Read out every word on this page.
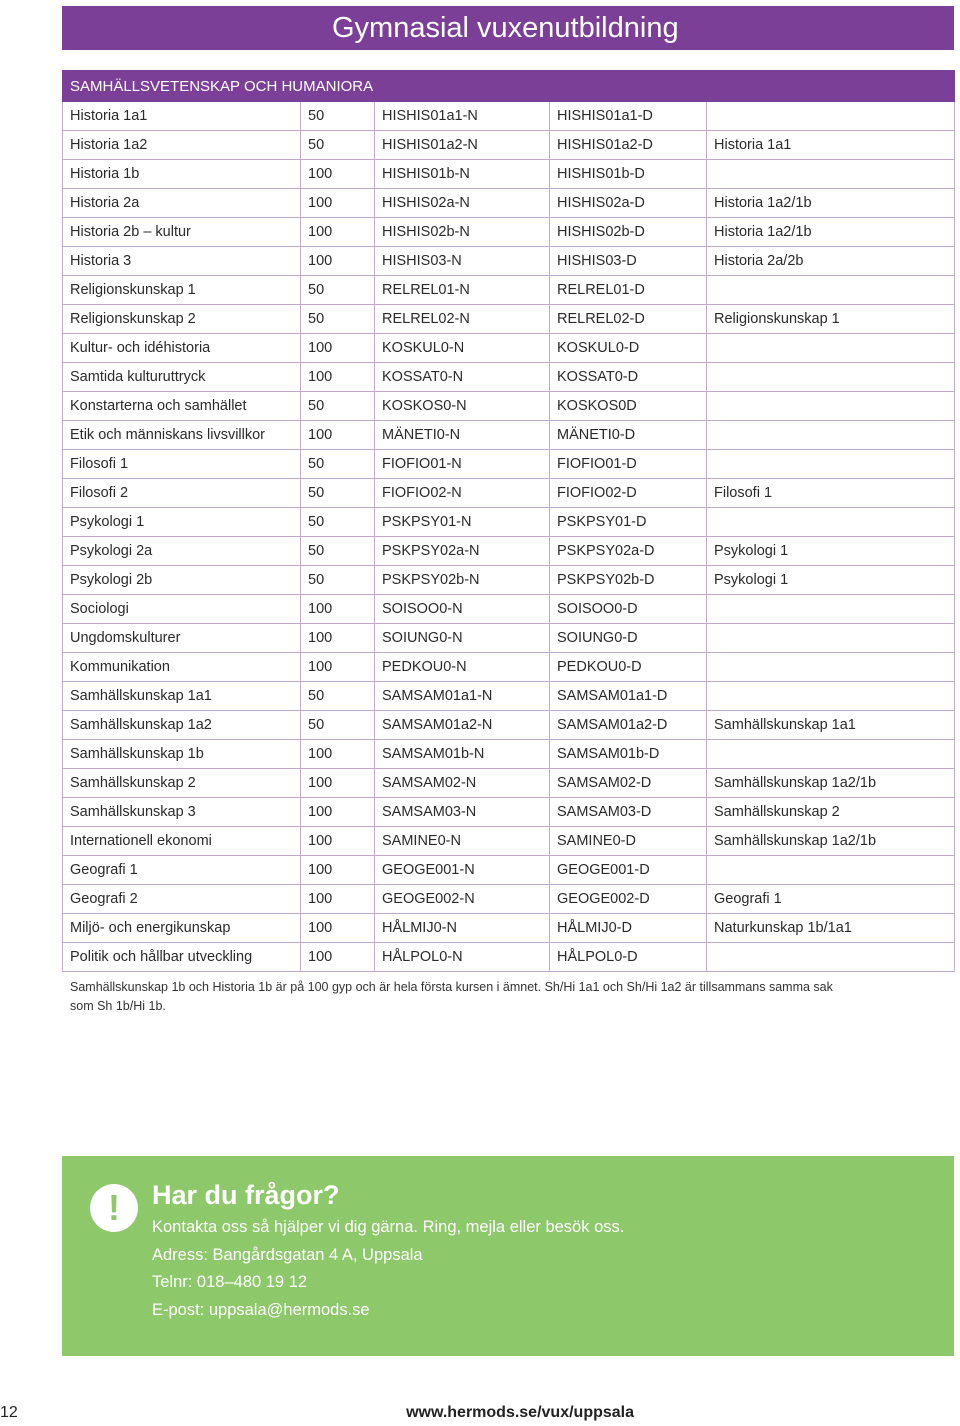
Gymnasial vuxenutbildning
SAMHÄLLSVETENSKAP OCH HUMANIORA				
Historia 1a1	50	HISHIS01a1-N	HISHIS01a1-D	
Historia 1a2	50	HISHIS01a2-N	HISHIS01a2-D	Historia 1a1
Historia 1b	100	HISHIS01b-N	HISHIS01b-D	
Historia 2a	100	HISHIS02a-N	HISHIS02a-D	Historia 1a2/1b
Historia 2b – kultur	100	HISHIS02b-N	HISHIS02b-D	Historia 1a2/1b
Historia 3	100	HISHIS03-N	HISHIS03-D	Historia 2a/2b
Religionskunskap 1	50	RELREL01-N	RELREL01-D	
Religionskunskap 2	50	RELREL02-N	RELREL02-D	Religionskunskap 1
Kultur- och idéhistoria	100	KOSKUL0-N	KOSKUL0-D	
Samtida kulturuttryck	100	KOSSAT0-N	KOSSAT0-D	
Konstarterna och samhället	50	KOSKOS0-N	KOSKOS0D	
Etik och människans livsvillkor	100	MÄNETI0-N	MÄNETI0-D	
Filosofi 1	50	FIOFIO01-N	FIOFIO01-D	
Filosofi 2	50	FIOFIO02-N	FIOFIO02-D	Filosofi 1
Psykologi 1	50	PSKPSY01-N	PSKPSY01-D	
Psykologi 2a	50	PSKPSY02a-N	PSKPSY02a-D	Psykologi 1
Psykologi 2b	50	PSKPSY02b-N	PSKPSY02b-D	Psykologi 1
Sociologi	100	SOISOO0-N	SOISOO0-D	
Ungdomskulturer	100	SOIUNG0-N	SOIUNG0-D	
Kommunikation	100	PEDKOU0-N	PEDKOU0-D	
Samhällskunskap 1a1	50	SAMSAM01a1-N	SAMSAM01a1-D	
Samhällskunskap 1a2	50	SAMSAM01a2-N	SAMSAM01a2-D	Samhällskunskap 1a1
Samhällskunskap 1b	100	SAMSAM01b-N	SAMSAM01b-D	
Samhällskunskap 2	100	SAMSAM02-N	SAMSAM02-D	Samhällskunskap 1a2/1b
Samhällskunskap 3	100	SAMSAM03-N	SAMSAM03-D	Samhällskunskap 2
Internationell ekonomi	100	SAMINE0-N	SAMINE0-D	Samhällskunskap 1a2/1b
Geografi 1	100	GEOGE001-N	GEOGE001-D	
Geografi 2	100	GEOGE002-N	GEOGE002-D	Geografi 1
Miljö- och energikunskap	100	HÅLMIJ0-N	HÅLMIJ0-D	Naturkunskap 1b/1a1
Politik och hållbar utveckling	100	HÅLPOL0-N	HÅLPOL0-D	
Samhällskunskap 1b och Historia 1b är på 100 gyp och är hela första kursen i ämnet. Sh/Hi 1a1 och Sh/Hi 1a2 är tillsammans samma sak som Sh 1b/Hi 1b.
!	Har du frågor?
Kontakta oss så hjälper vi dig gärna. Ring, mejla eller besök oss.
Adress: Bangårdsgatan 4 A, Uppsala
Telnr: 018–480 19 12
E-post: uppsala@hermods.se
12	www.hermods.se/vux/uppsala
